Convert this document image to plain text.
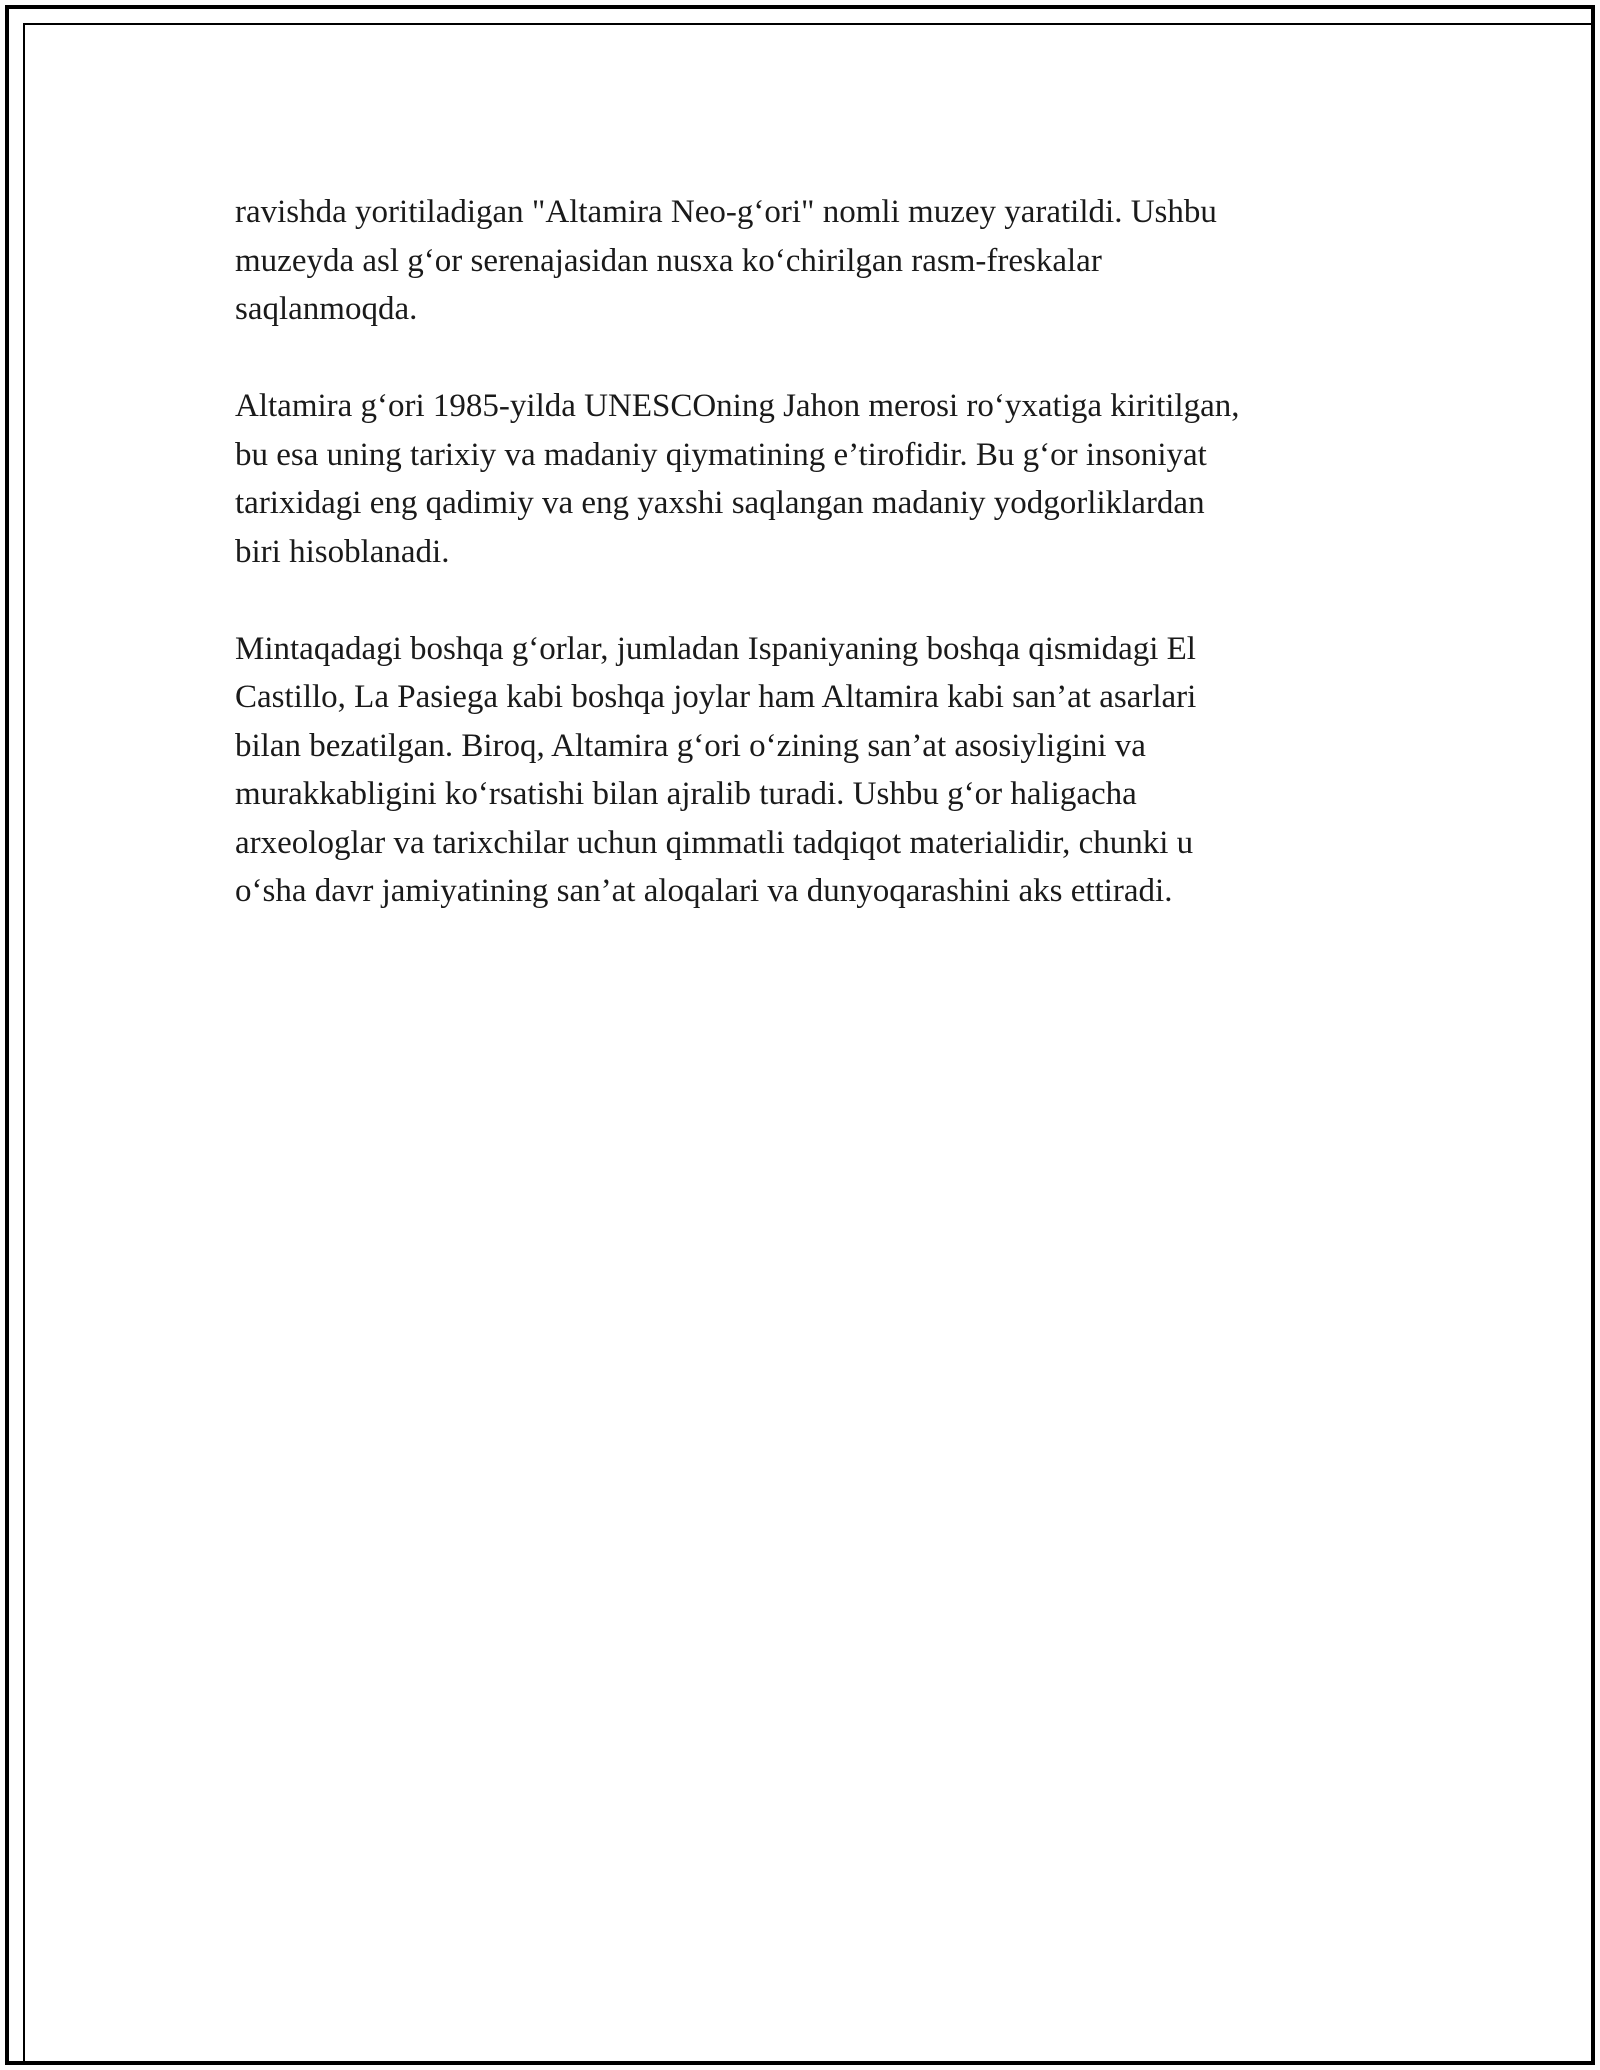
ravishda yoritiladigan "Altamira Neo-g‘ori" nomli muzey yaratildi. Ushbu
muzeyda asl g‘or serenajasidan nusxa ko‘chirilgan rasm-freskalar
saqlanmoqda.

Altamira g‘ori 1985-yilda UNESCOning Jahon merosi ro‘yxatiga kiritilgan,
bu esa uning tarixiy va madaniy qiymatining e’tirofidir. Bu g‘or insoniyat
tarixidagi eng qadimiy va eng yaxshi saqlangan madaniy yodgorliklardan
biri hisoblanadi.

Mintaqadagi boshqa g‘orlar, jumladan Ispaniyaning boshqa qismidagi El
Castillo, La Pasiega kabi boshqa joylar ham Altamira kabi san’at asarlari
bilan bezatilgan. Biroq, Altamira g‘ori o‘zining san’at asosiyligini va
murakkabligini ko‘rsatishi bilan ajralib turadi. Ushbu g‘or haligacha
arxeologlar va tarixchilar uchun qimmatli tadqiqot materialidir, chunki u
o‘sha davr jamiyatining san’at aloqalari va dunyoqarashini aks ettiradi.
